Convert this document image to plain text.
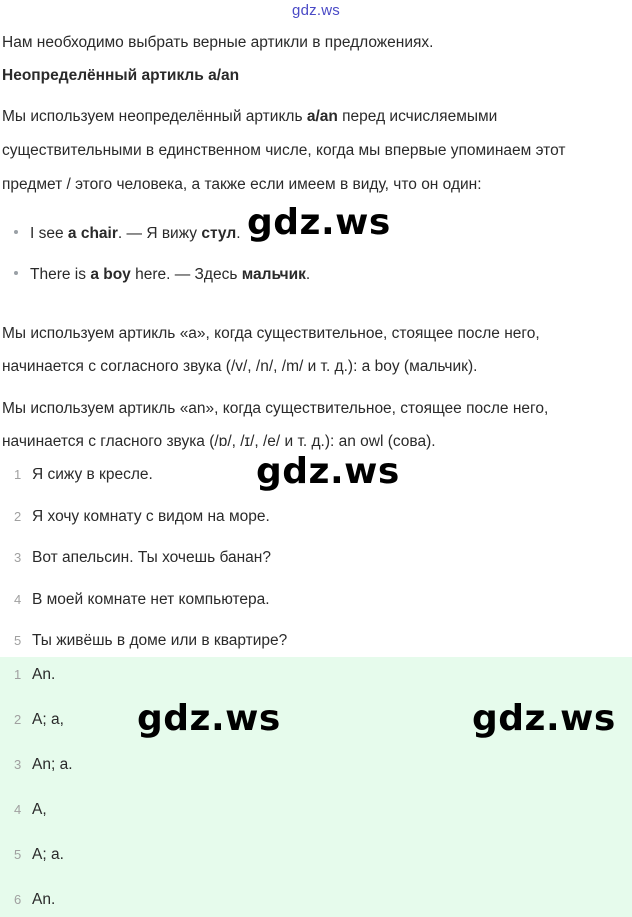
gdz.ws
Нам необходимо выбрать верные артикли в предложениях.
Неопределённый артикль a/an
Мы используем неопределённый артикль a/an перед исчисляемыми
существительными в единственном числе, когда мы впервые упоминаем этот
предмет / этого человека, а также если имеем в виду, что он один:
I see a chair. — Я вижу стул.
There is a boy here. — Здесь мальчик.
Мы используем артикль «a», когда существительное, стоящее после него,
начинается с согласного звука (/v/, /n/, /m/ и т. д.): a boy (мальчик).
Мы используем артикль «an», когда существительное, стоящее после него,
начинается с гласного звука (/ɒ/, /ɪ/, /e/ и т. д.): an owl (сова).
1 Я сижу в кресле.
2 Я хочу комнату с видом на море.
3 Вот апельсин. Ты хочешь банан?
4 В моей комнате нет компьютера.
5 Ты живёшь в доме или в квартире?
1 An.
2 A; a,
3 An; a.
4 A,
5 A; a.
6 An.
gdz.ws
gdz.ws
gdz.ws	gdz.ws
